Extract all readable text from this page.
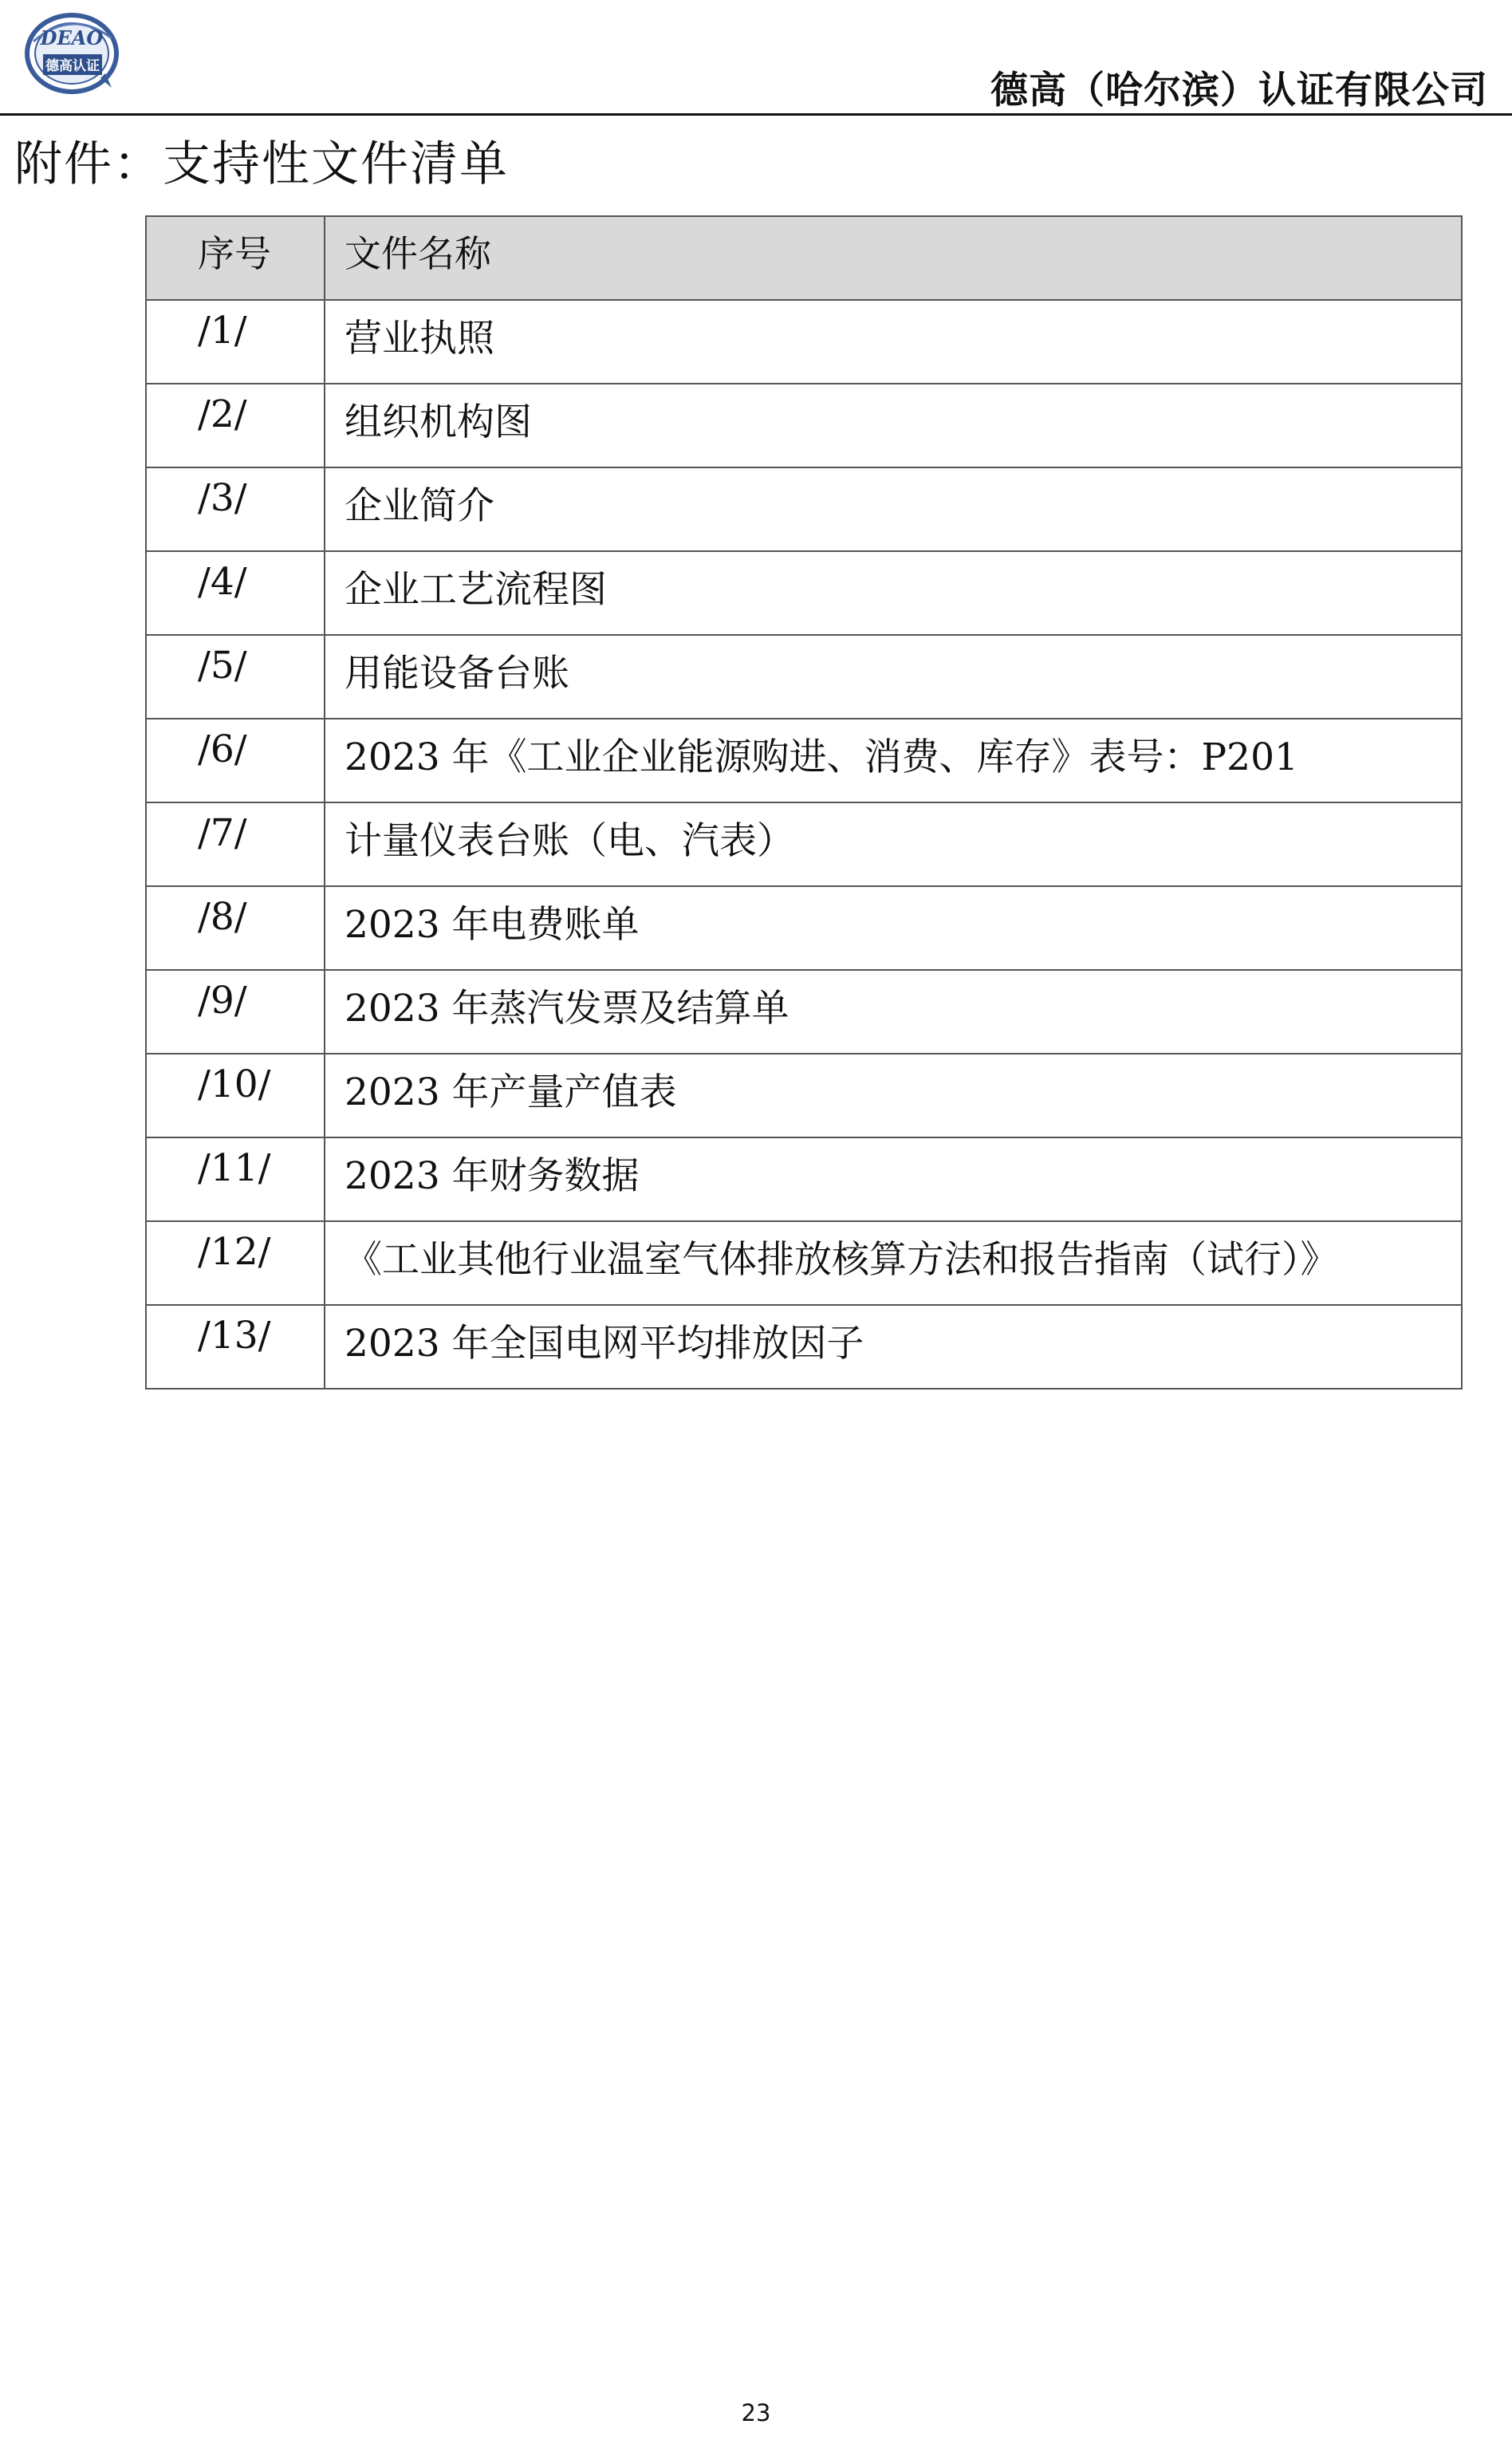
DEAO
德高认证
德高（哈尔滨）认证有限公司
附件：支持性文件清单
序号	文件名称

/1/	营业执照

/2/	组织机构图

/3/	企业简介

/4/	企业工艺流程图

/5/	用能设备台账

/6/	2023 年《工业企业能源购进、消费、库存》表号：P201

/7/	计量仪表台账（电、汽表）

/8/	2023 年电费账单

/9/	2023 年蒸汽发票及结算单

/10/	2023 年产量产值表

/11/	2023 年财务数据

/12/	《工业其他行业温室气体排放核算方法和报告指南（试行）》

/13/	2023 年全国电网平均排放因子
23
